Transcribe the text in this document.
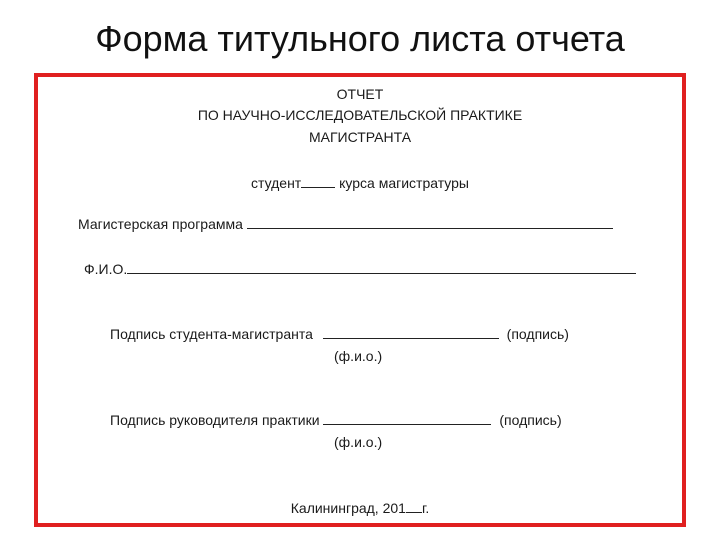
Форма титульного листа отчета
ОТЧЕТ
ПО НАУЧНО-ИССЛЕДОВАТЕЛЬСКОЙ ПРАКТИКЕ
МАГИСТРАНТА
студент	курса магистратуры
Магистерская программа
Ф.И.О.
Подпись студента-магистранта	(подпись)
(ф.и.о.)
Подпись руководителя практики	(подпись)
(ф.и.о.)
Калининград, 201 г.
